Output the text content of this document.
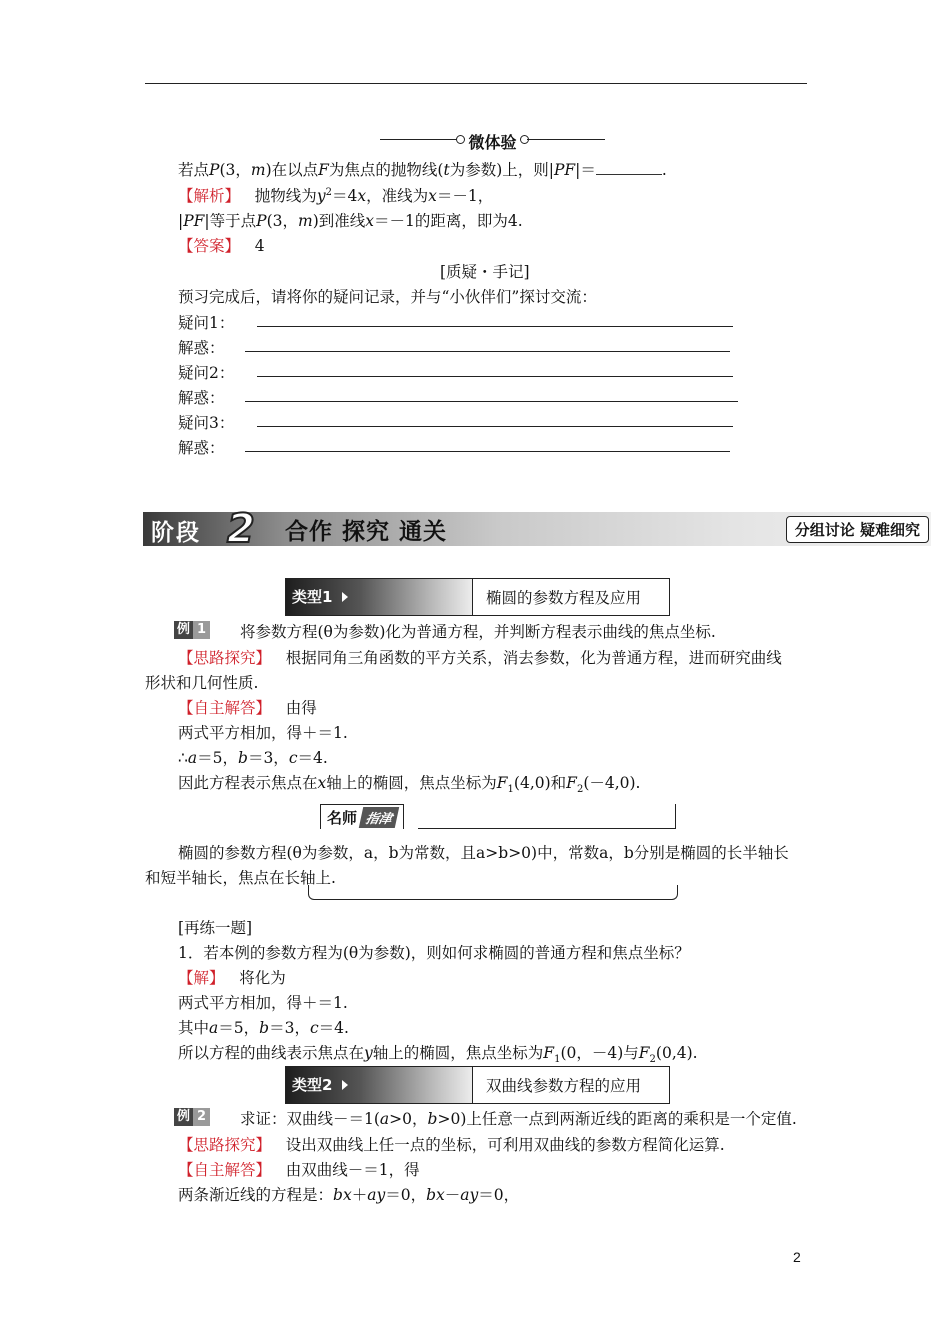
微体验
若点P(3，m)在以点F为焦点的抛物线(t为参数)上，则|PF|＝	.
【解析】 抛物线为$y^2=4x$，准线为x＝－1，
|PF|等于点P(3，m)到准线x＝－1的距离，即为4.
【答案】 4
[质疑・手记]
预习完成后，请将你的疑问记录，并与“小伙伴们”探讨交流：
疑问1：
解惑：
疑问2：
解惑：
疑问3：
解惑：
阶段 2 合作 探究 通关	分组讨论 疑难细究
类型1	椭圆的参数方程及应用
例 1 将参数方程(θ为参数)化为普通方程，并判断方程表示曲线的焦点坐标.
【思路探究】 根据同角三角函数的平方关系，消去参数，化为普通方程，进而研究曲线
形状和几何性质.
【自主解答】 由得
两式平方相加，得＋＝1.
∴a＝5，b＝3，c＝4.
因此方程表示焦点在x轴上的椭圆，焦点坐标为$F_1(4,0)$和$F_2(-4,0)$.
名师 指津
椭圆的参数方程(θ为参数，a，b为常数，且a>b>0)中，常数a，b分别是椭圆的长半轴长
和短半轴长，焦点在长轴上.
[再练一题]
1．若本例的参数方程为(θ为参数)，则如何求椭圆的普通方程和焦点坐标？
【解】 将化为
两式平方相加，得＋＝1.
其中a＝5，b＝3，c＝4.
所以方程的曲线表示焦点在y轴上的椭圆，焦点坐标为$F_1(0$，－4)与$F_2(0,4)$.
类型2	双曲线参数方程的应用
例 2 求证：双曲线－＝1(a>0，b>0)上任意一点到两渐近线的距离的乘积是一个定值.
【思路探究】 设出双曲线上任一点的坐标，可利用双曲线的参数方程简化运算.
【自主解答】 由双曲线－＝1，得
两条渐近线的方程是：bx＋ay＝0，bx－ay＝0，
2
